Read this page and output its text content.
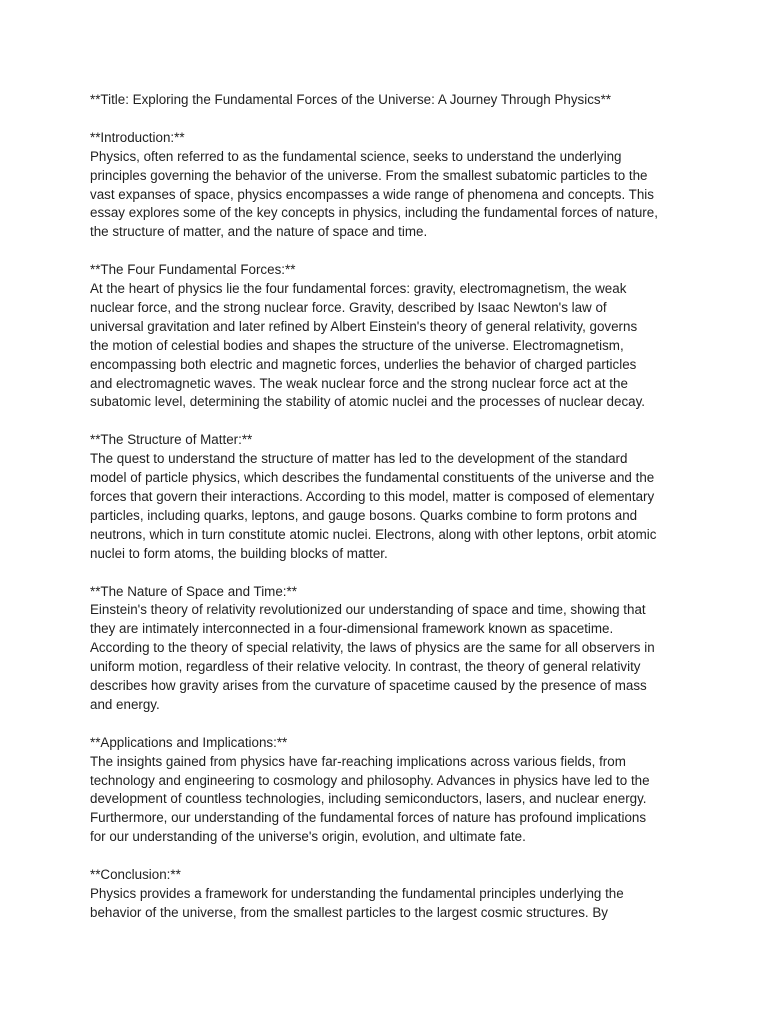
**Title: Exploring the Fundamental Forces of the Universe: A Journey Through Physics**
**Introduction:**

Physics, often referred to as the fundamental science, seeks to understand the underlying
principles governing the behavior of the universe. From the smallest subatomic particles to the
vast expanses of space, physics encompasses a wide range of phenomena and concepts. This
essay explores some of the key concepts in physics, including the fundamental forces of nature,
the structure of matter, and the nature of space and time.

**The Four Fundamental Forces:**

At the heart of physics lie the four fundamental forces: gravity, electromagnetism, the weak
nuclear force, and the strong nuclear force. Gravity, described by Isaac Newton's law of
universal gravitation and later refined by Albert Einstein's theory of general relativity, governs
the motion of celestial bodies and shapes the structure of the universe. Electromagnetism,
encompassing both electric and magnetic forces, underlies the behavior of charged particles
and electromagnetic waves. The weak nuclear force and the strong nuclear force act at the
subatomic level, determining the stability of atomic nuclei and the processes of nuclear decay.

**The Structure of Matter:**

The quest to understand the structure of matter has led to the development of the standard
model of particle physics, which describes the fundamental constituents of the universe and the
forces that govern their interactions. According to this model, matter is composed of elementary
particles, including quarks, leptons, and gauge bosons. Quarks combine to form protons and
neutrons, which in turn constitute atomic nuclei. Electrons, along with other leptons, orbit atomic
nuclei to form atoms, the building blocks of matter.

**The Nature of Space and Time:**

Einstein's theory of relativity revolutionized our understanding of space and time, showing that
they are intimately interconnected in a four-dimensional framework known as spacetime.
According to the theory of special relativity, the laws of physics are the same for all observers in
uniform motion, regardless of their relative velocity. In contrast, the theory of general relativity
describes how gravity arises from the curvature of spacetime caused by the presence of mass
and energy.

**Applications and Implications:**

The insights gained from physics have far-reaching implications across various fields, from
technology and engineering to cosmology and philosophy. Advances in physics have led to the
development of countless technologies, including semiconductors, lasers, and nuclear energy.
Furthermore, our understanding of the fundamental forces of nature has profound implications
for our understanding of the universe's origin, evolution, and ultimate fate.

**Conclusion:**

Physics provides a framework for understanding the fundamental principles underlying the
behavior of the universe, from the smallest particles to the largest cosmic structures. By
